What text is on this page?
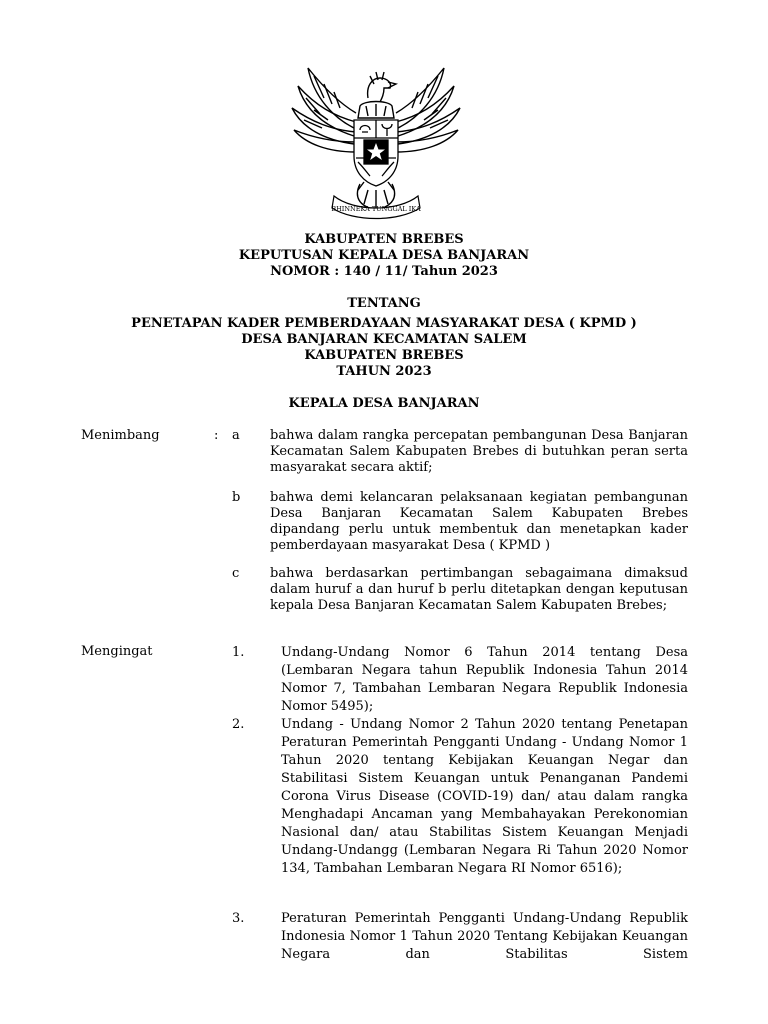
BHINNEKA TUNGGAL IKA
KABUPATEN BREBES
KEPUTUSAN KEPALA DESA BANJARAN
NOMOR : 140 / 11/ Tahun 2023
TENTANG
PENETAPAN KADER PEMBERDAYAAN MASYARAKAT DESA ( KPMD )
DESA BANJARAN KECAMATAN SALEM
KABUPATEN BREBES
TAHUN 2023
KEPALA DESA BANJARAN
Menimbang	: a bahwa dalam rangka percepatan pembangunan Desa Banjaran Kecamatan Salem Kabupaten Brebes di butuhkan peran serta masyarakat secara aktif;
b bahwa demi kelancaran pelaksanaan kegiatan pembangunan Desa Banjaran Kecamatan Salem Kabupaten Brebes dipandang perlu untuk membentuk dan menetapkan kader pemberdayaan masyarakat Desa ( KPMD )
c bahwa berdasarkan pertimbangan sebagaimana dimaksud dalam huruf a dan huruf b perlu ditetapkan dengan keputusan kepala Desa Banjaran Kecamatan Salem Kabupaten Brebes;
Mengingat	1.	Undang-Undang Nomor 6 Tahun 2014 tentang Desa (Lembaran Negara tahun Republik Indonesia Tahun 2014 Nomor 7, Tambahan Lembaran Negara Republik Indonesia Nomor 5495);
2.	Undang - Undang Nomor 2 Tahun 2020 tentang Penetapan Peraturan Pemerintah Pengganti Undang - Undang Nomor 1 Tahun 2020 tentang Kebijakan Keuangan Negar dan Stabilitasi Sistem Keuangan untuk Penanganan Pandemi Corona Virus Disease (COVID-19) dan/ atau dalam rangka Menghadapi Ancaman yang Membahayakan Perekonomian Nasional dan/ atau Stabilitas Sistem Keuangan Menjadi Undang-Undangg (Lembaran Negara Ri Tahun 2020 Nomor 134, Tambahan Lembaran Negara RI Nomor 6516);
3.	Peraturan Pemerintah Pengganti Undang-Undang Republik Indonesia Nomor 1 Tahun 2020 Tentang Kebijakan Keuangan Negara dan Stabilitas Sistem
